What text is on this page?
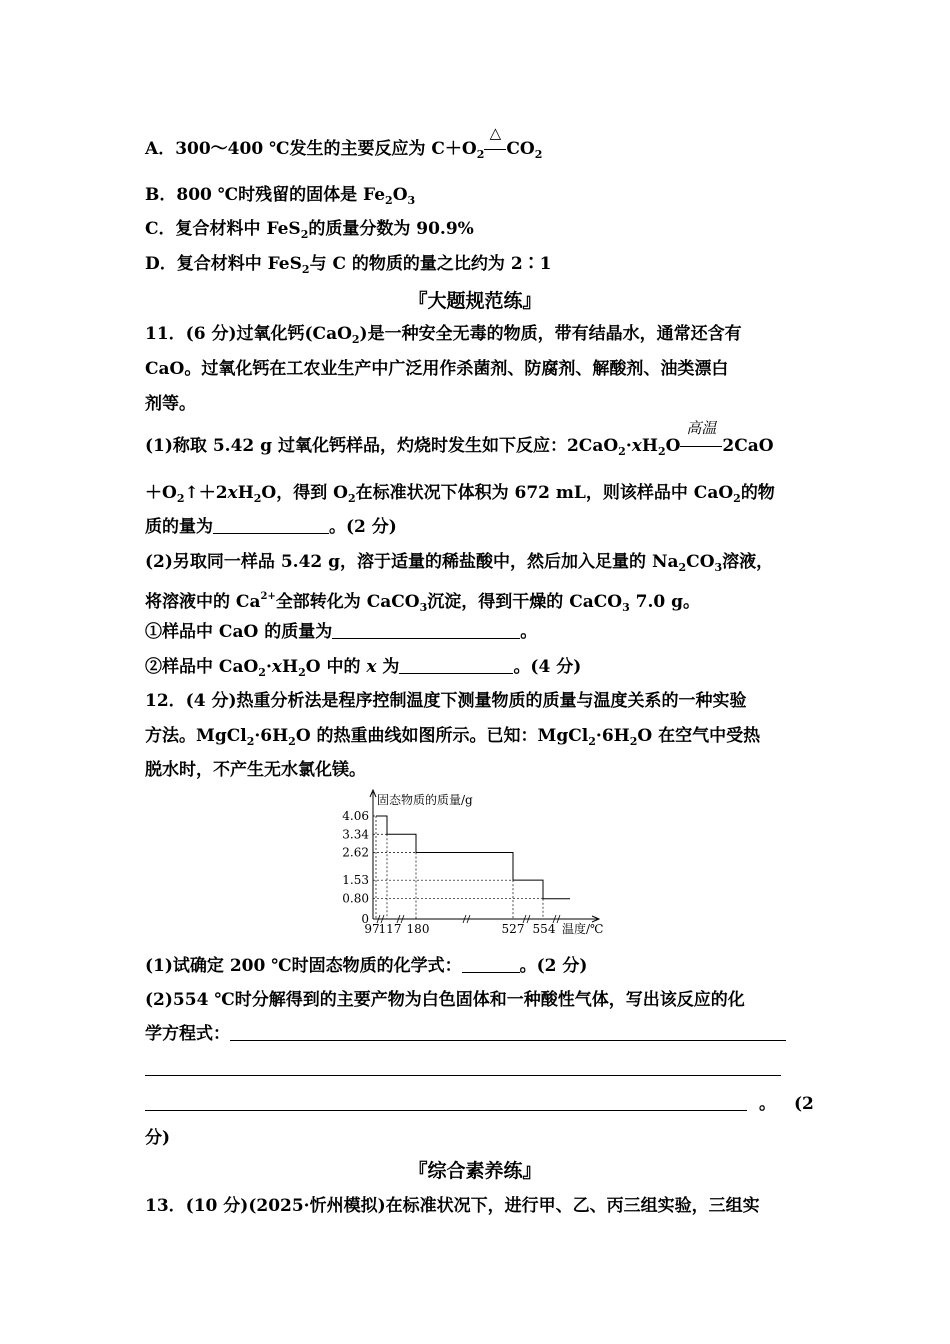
A．300～400 ℃发生的主要反应为 $C+O_2$
△
$CO_2$
B．800 ℃时残留的固体是 $Fe_2O_3$
C．复合材料中 FeS$_2$的质量分数为 90.9%
D．复合材料中 FeS$_2$与 C 的物质的量之比约为 2∶1
『大题规范练』
11．(6 分)过氧化钙(CaO$_2$)是一种安全无毒的物质，带有结晶水，通常还含有
CaO。过氧化钙在工农业生产中广泛用作杀菌剂、防腐剂、解酸剂、油类漂白
剂等。
(1)称取 5.42 g 过氧化钙样品，灼烧时发生如下反应：$2CaO_2\cdot xH_2O$
高温
2CaO
$+O_2↑+2xH_2O$，得到 $O_2$在标准状况下体积为 672 mL，则该样品中 CaO$_2$的物
质的量为	。(2 分)
(2)另取同一样品 5.42 g，溶于适量的稀盐酸中，然后加入足量的 $Na_2CO_3$溶液，
将溶液中的 $Ca^{2+}$全部转化为 CaCO$_3$沉淀，得到干燥的 CaCO$_3$ 7.0 g。
①样品中 CaO 的质量为	。
②样品中 $CaO_2\cdot xH_2O$ 中的 x 为	。(4 分)
12．(4 分)热重分析法是程序控制温度下测量物质的质量与温度关系的一种实验
方法。$MgCl_2\cdot 6H_2O$ 的热重曲线如图所示。已知：$MgCl_2\cdot 6H_2O$ 在空气中受热
脱水时，不产生无水氯化镁。
4.06
3.34
2.62
1.53
0.80
0
97
117 180	527 554
固态物质的质量/g
温度/℃
(1)试确定 200 ℃时固态物质的化学式：	。(2 分)
(2)554 ℃时分解得到的主要产物为白色固体和一种酸性气体，写出该反应的化
学方程式：
。 (2
分)
『综合素养练』
13．(10 分)(2025·忻州模拟)在标准状况下，进行甲、乙、丙三组实验，三组实
